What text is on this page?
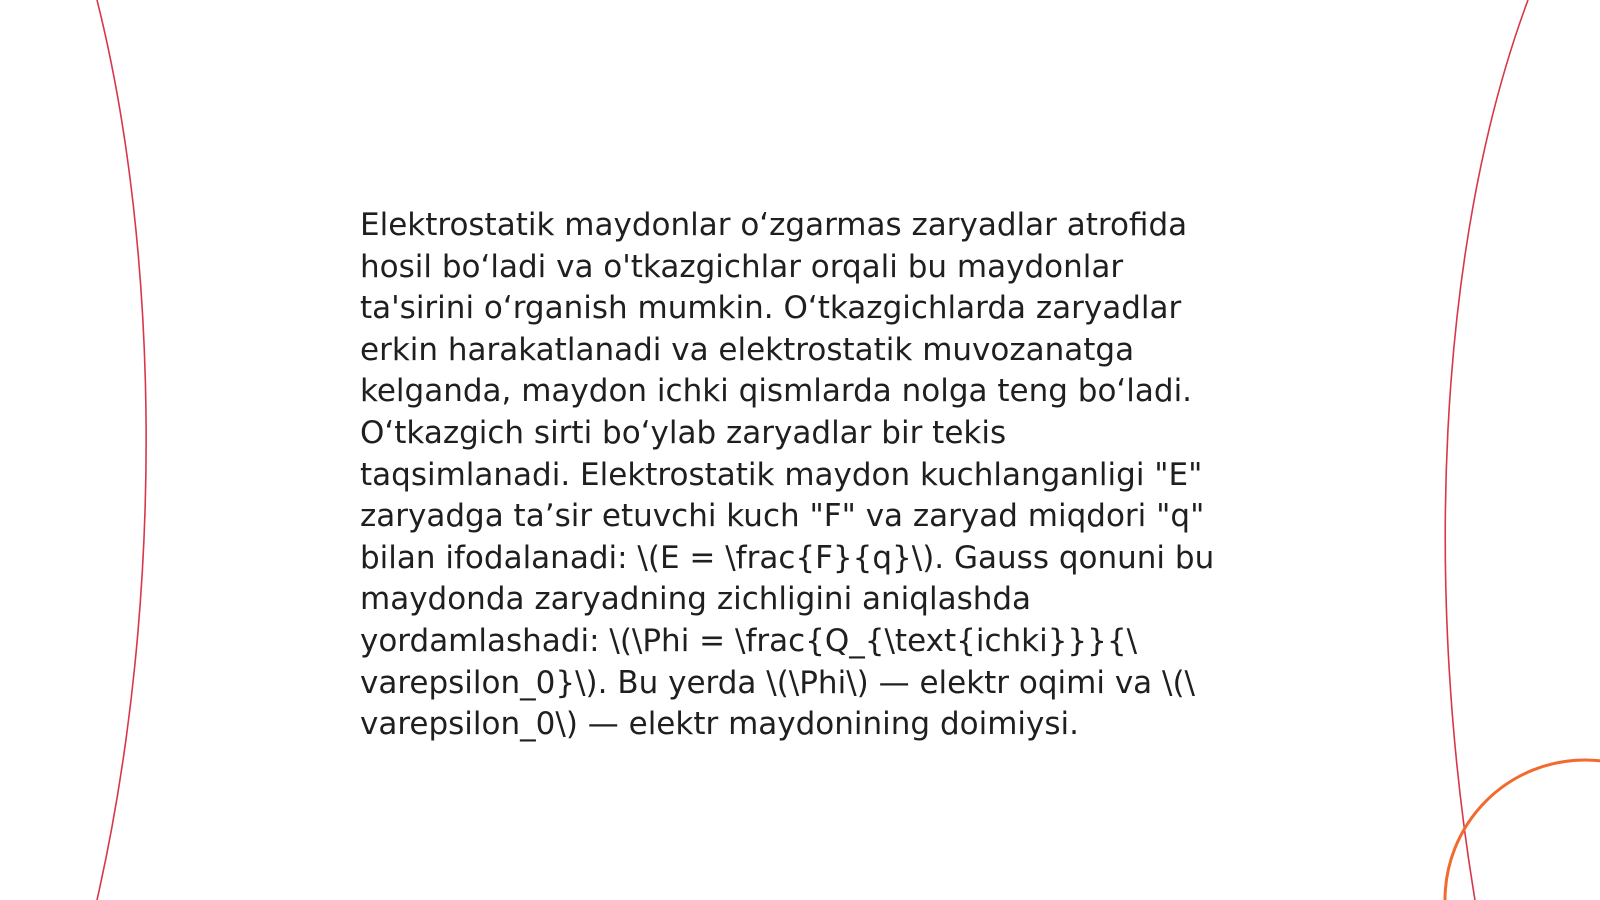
Elektrostatik maydonlar oʻzgarmas zaryadlar atrofida
hosil boʻladi va o'tkazgichlar orqali bu maydonlar
ta'sirini oʻrganish mumkin. Oʻtkazgichlarda zaryadlar
erkin harakatlanadi va elektrostatik muvozanatga
kelganda, maydon ichki qismlarda nolga teng boʻladi.
Oʻtkazgich sirti boʻylab zaryadlar bir tekis
taqsimlanadi. Elektrostatik maydon kuchlanganligi "E"
zaryadga taʼsir etuvchi kuch "F" va zaryad miqdori "q"
bilan ifodalanadi: \(E = \frac{F}{q}\). Gauss qonuni bu
maydonda zaryadning zichligini aniqlashda
yordamlashadi: \(\Phi = \frac{Q_{\text{ichki}}}{\
varepsilon_0}\). Bu yerda \(\Phi\) — elektr oqimi va \(\
varepsilon_0\) — elektr maydonining doimiysi.
